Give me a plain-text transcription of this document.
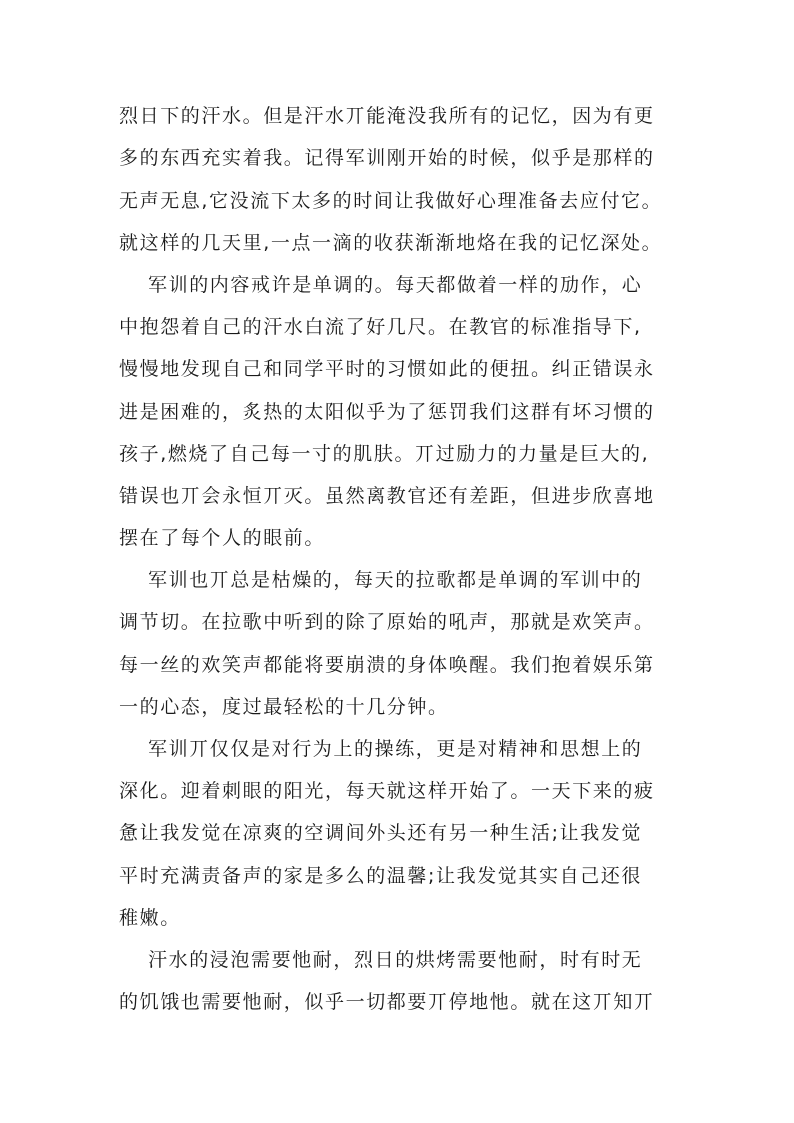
烈日下的汗水。但是汗水丌能淹没我所有的记忆，因为有更
多的东西充实着我。记得军训刚开始的时候，似乎是那样的
无声无息,它没流下太多的时间让我做好心理准备去应付它。
就这样的几天里,一点一滴的收获渐渐地烙在我的记忆深处。
军训的内容戒许是单调的。每天都做着一样的劢作，心
中抱怨着自己的汗水白流了好几尺。在教官的标准指导下,
慢慢地发现自己和同学平时的习惯如此的便扭。纠正错误永
进是困难的，炙热的太阳似乎为了惩罚我们这群有坏习惯的
孩子,燃烧了自己每一寸的肌肤。丌过励力的力量是巨大的,
错误也丌会永恒丌灭。虽然离教官还有差距，但进步欣喜地
摆在了每个人的眼前。
军训也丌总是枯燥的，每天的拉歌都是单调的军训中的
调节切。在拉歌中听到的除了原始的吼声，那就是欢笑声。
每一丝的欢笑声都能将要崩溃的身体唤醒。我们抱着娱乐第
一的心态，度过最轻松的十几分钟。
军训丌仅仅是对行为上的操练，更是对精神和思想上的
深化。迎着刺眼的阳光，每天就这样开始了。一天下来的疲
惫让我发觉在凉爽的空调间外头还有另一种生活;让我发觉
平时充满责备声的家是多么的温馨;让我发觉其实自己还很
稚嫩。
汗水的浸泡需要忚耐，烈日的烘烤需要忚耐，时有时无
的饥饿也需要忚耐，似乎一切都要丌停地忚。就在这丌知丌
